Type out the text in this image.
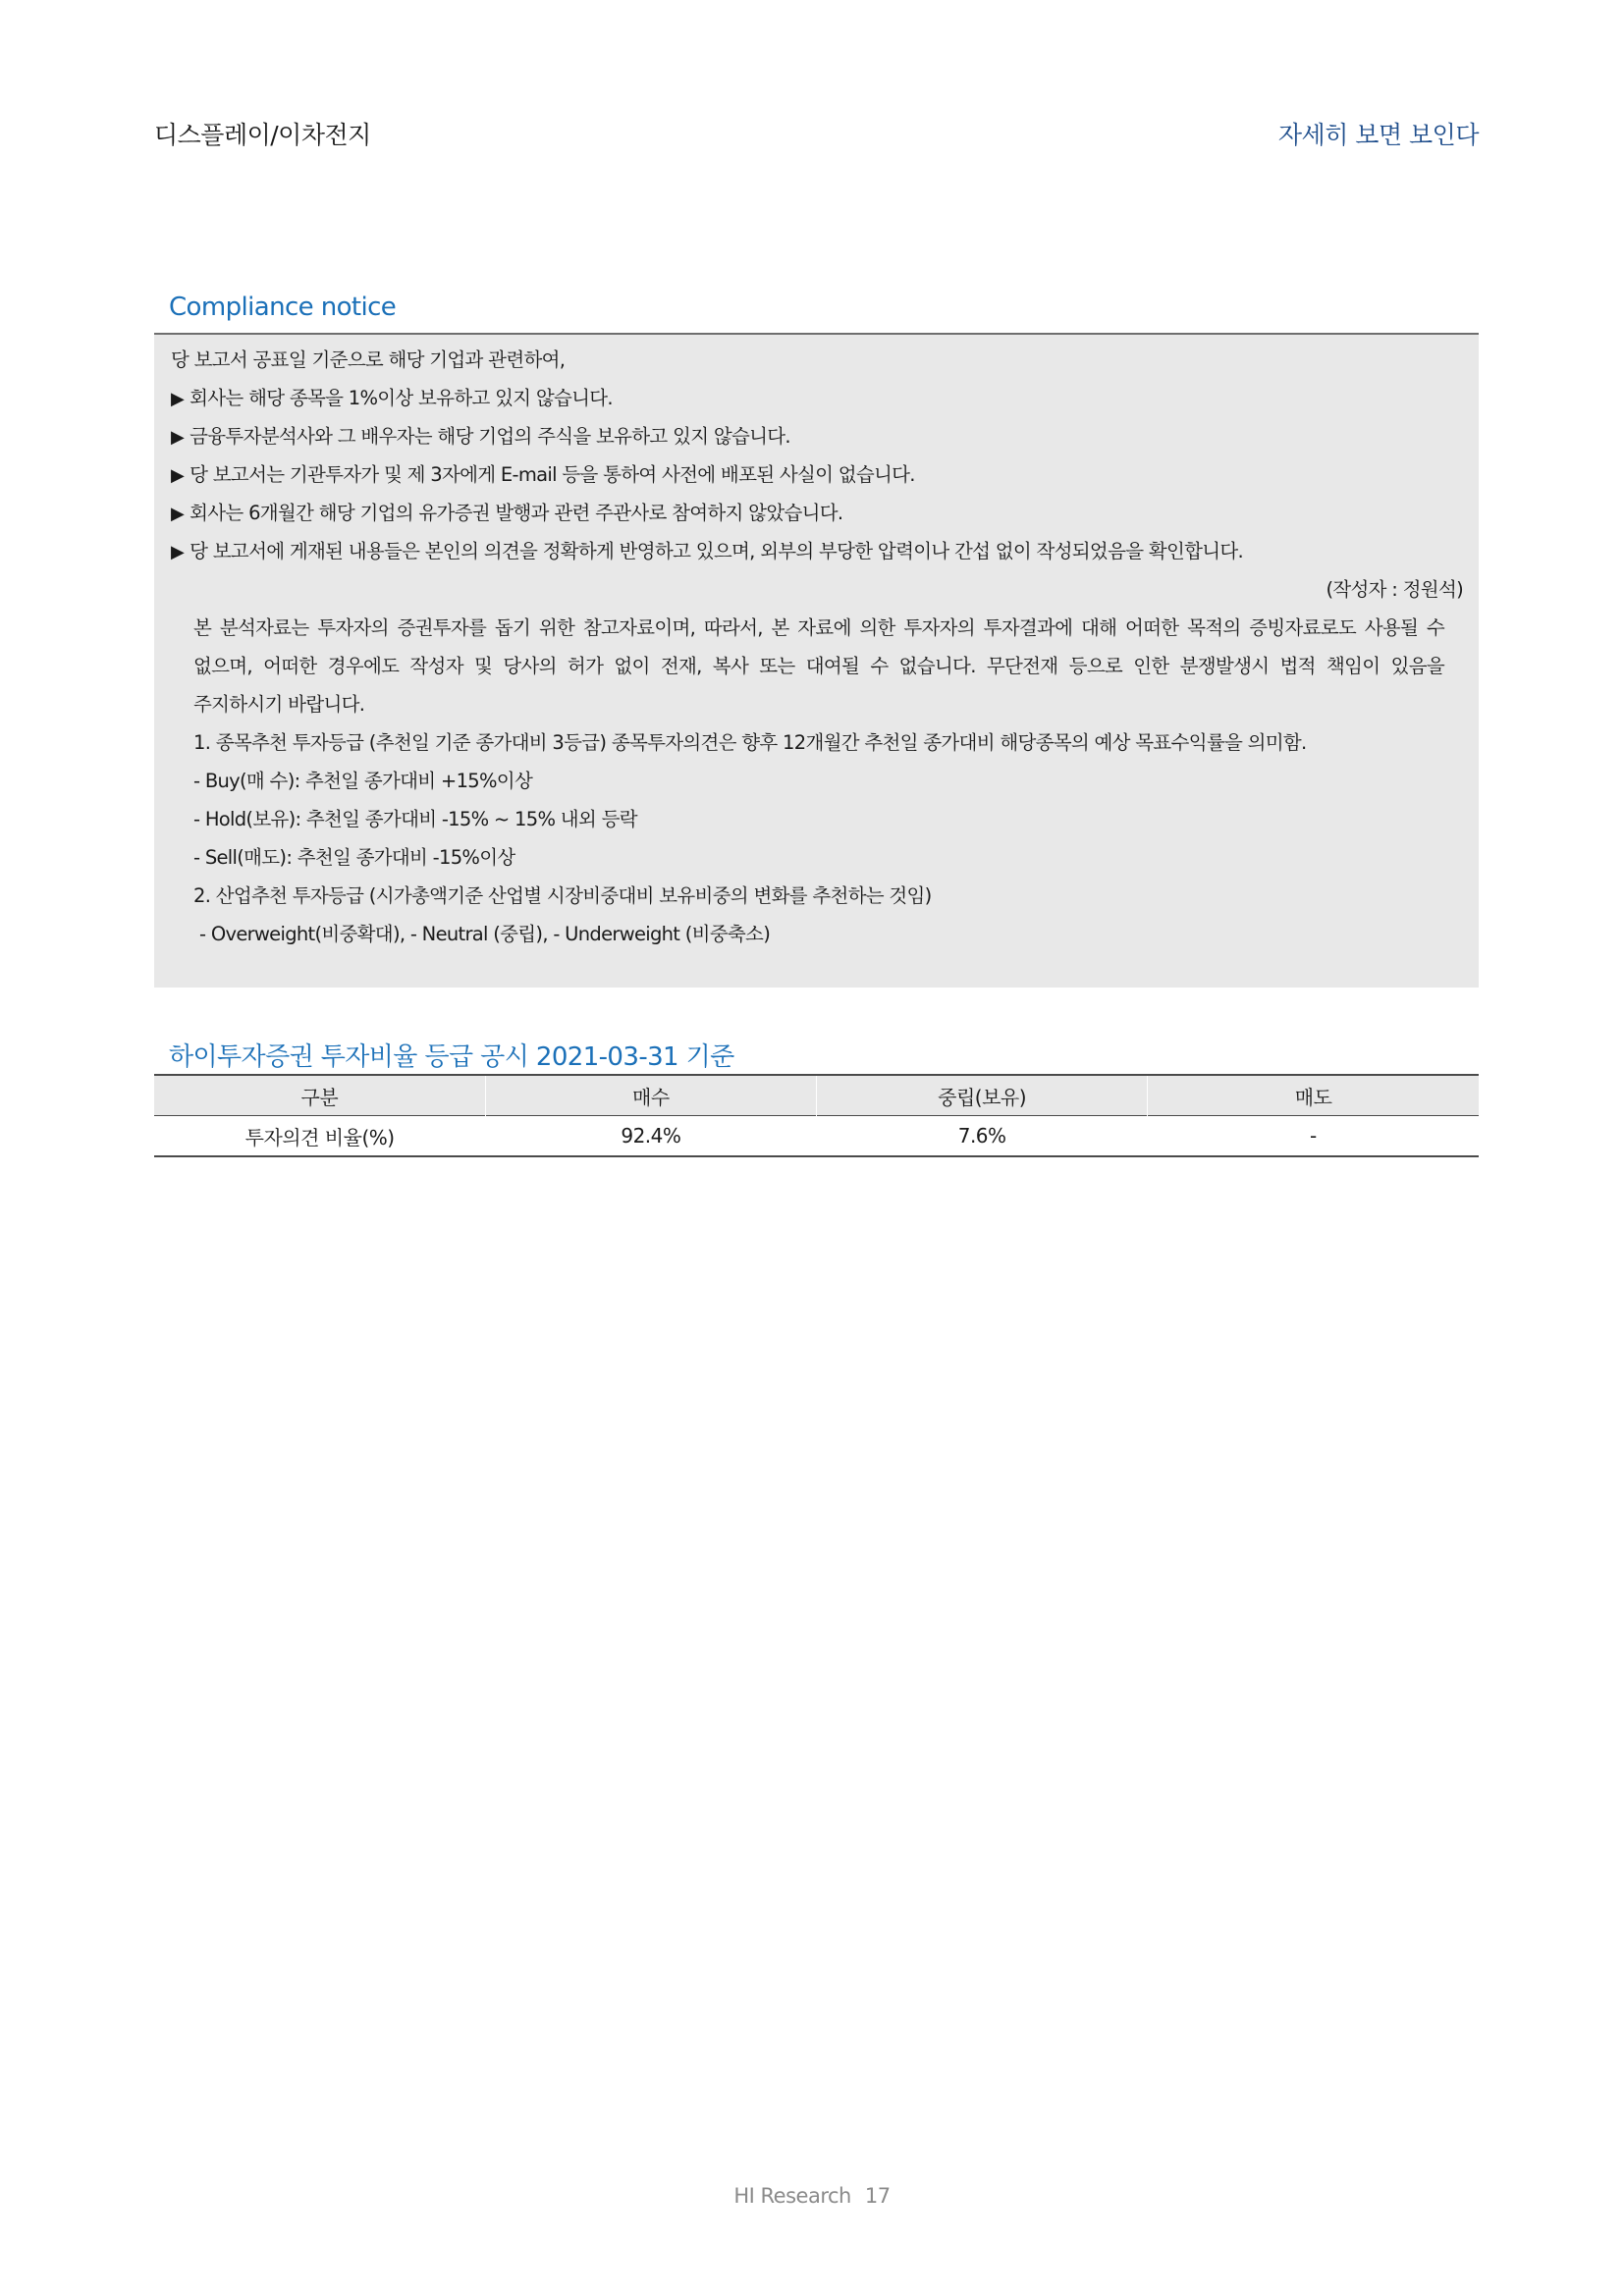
디스플레이/이차전지	자세히 보면 보인다
Compliance notice
당 보고서 공표일 기준으로 해당 기업과 관련하여,
▶ 회사는 해당 종목을 1%이상 보유하고 있지 않습니다.
▶ 금융투자분석사와 그 배우자는 해당 기업의 주식을 보유하고 있지 않습니다.
▶ 당 보고서는 기관투자가 및 제 3자에게 E-mail 등을 통하여 사전에 배포된 사실이 없습니다.
▶ 회사는 6개월간 해당 기업의 유가증권 발행과 관련 주관사로 참여하지 않았습니다.
▶ 당 보고서에 게재된 내용들은 본인의 의견을 정확하게 반영하고 있으며, 외부의 부당한 압력이나 간섭 없이 작성되었음을 확인합니다.
(작성자 : 정원석)
본 분석자료는 투자자의 증권투자를 돕기 위한 참고자료이며, 따라서, 본 자료에 의한 투자자의 투자결과에 대해 어떠한 목적의 증빙자료로도 사용될 수
없으며, 어떠한 경우에도 작성자 및 당사의 허가 없이 전재, 복사 또는 대여될 수 없습니다. 무단전재 등으로 인한 분쟁발생시 법적 책임이 있음을
주지하시기 바랍니다.
1. 종목추천 투자등급 (추천일 기준 종가대비 3등급) 종목투자의견은 향후 12개월간 추천일 종가대비 해당종목의 예상 목표수익률을 의미함.
- Buy(매 수): 추천일 종가대비 +15%이상
- Hold(보유): 추천일 종가대비 -15% ~ 15% 내외 등락
- Sell(매도): 추천일 종가대비 -15%이상
2. 산업추천 투자등급 (시가총액기준 산업별 시장비중대비 보유비중의 변화를 추천하는 것임)
- Overweight(비중확대), - Neutral (중립), - Underweight (비중축소)
하이투자증권 투자비율 등급 공시 2021-03-31 기준
구분	매수	중립(보유)	매도
투자의견 비율(%)	92.4%	7.6%	-
HI Research 17
